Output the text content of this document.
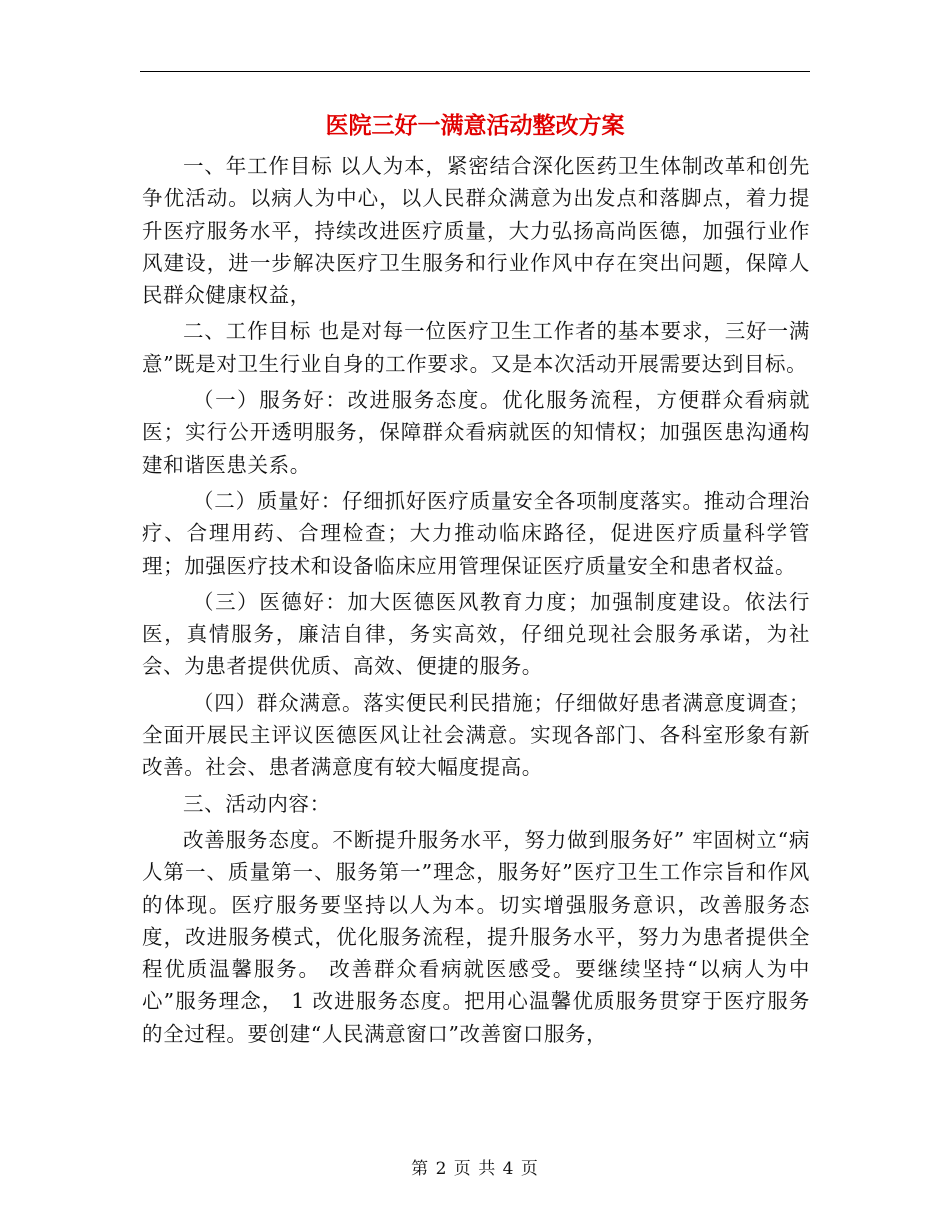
医院三好一满意活动整改方案

一、年工作目标 以人为本，紧密结合深化医药卫生体制改革和创先争优活动。以病人为中心，以人民群众满意为出发点和落脚点，着力提升医疗服务水平，持续改进医疗质量，大力弘扬高尚医德，加强行业作风建设，进一步解决医疗卫生服务和行业作风中存在突出问题，保障人民群众健康权益，

二、工作目标 也是对每一位医疗卫生工作者的基本要求，三好一满意”既是对卫生行业自身的工作要求。又是本次活动开展需要达到目标。

（一）服务好：改进服务态度。优化服务流程，方便群众看病就医；实行公开透明服务，保障群众看病就医的知情权；加强医患沟通构建和谐医患关系。

（二）质量好：仔细抓好医疗质量安全各项制度落实。推动合理治疗、合理用药、合理检查；大力推动临床路径，促进医疗质量科学管理；加强医疗技术和设备临床应用管理保证医疗质量安全和患者权益。

（三）医德好：加大医德医风教育力度；加强制度建设。依法行医，真情服务，廉洁自律，务实高效，仔细兑现社会服务承诺，为社会、为患者提供优质、高效、便捷的服务。

（四）群众满意。落实便民利民措施；仔细做好患者满意度调查；全面开展民主评议医德医风让社会满意。实现各部门、各科室形象有新改善。社会、患者满意度有较大幅度提高。

三、活动内容：

改善服务态度。不断提升服务水平，努力做到服务好” 牢固树立“病人第一、质量第一、服务第一”理念，服务好”医疗卫生工作宗旨和作风的体现。医疗服务要坚持以人为本。切实增强服务意识，改善服务态度，改进服务模式，优化服务流程，提升服务水平，努力为患者提供全程优质温馨服务。 改善群众看病就医感受。要继续坚持“以病人为中心”服务理念， 1 改进服务态度。把用心温馨优质服务贯穿于医疗服务的全过程。要创建“人民满意窗口”改善窗口服务，

第 2 页 共 4 页
